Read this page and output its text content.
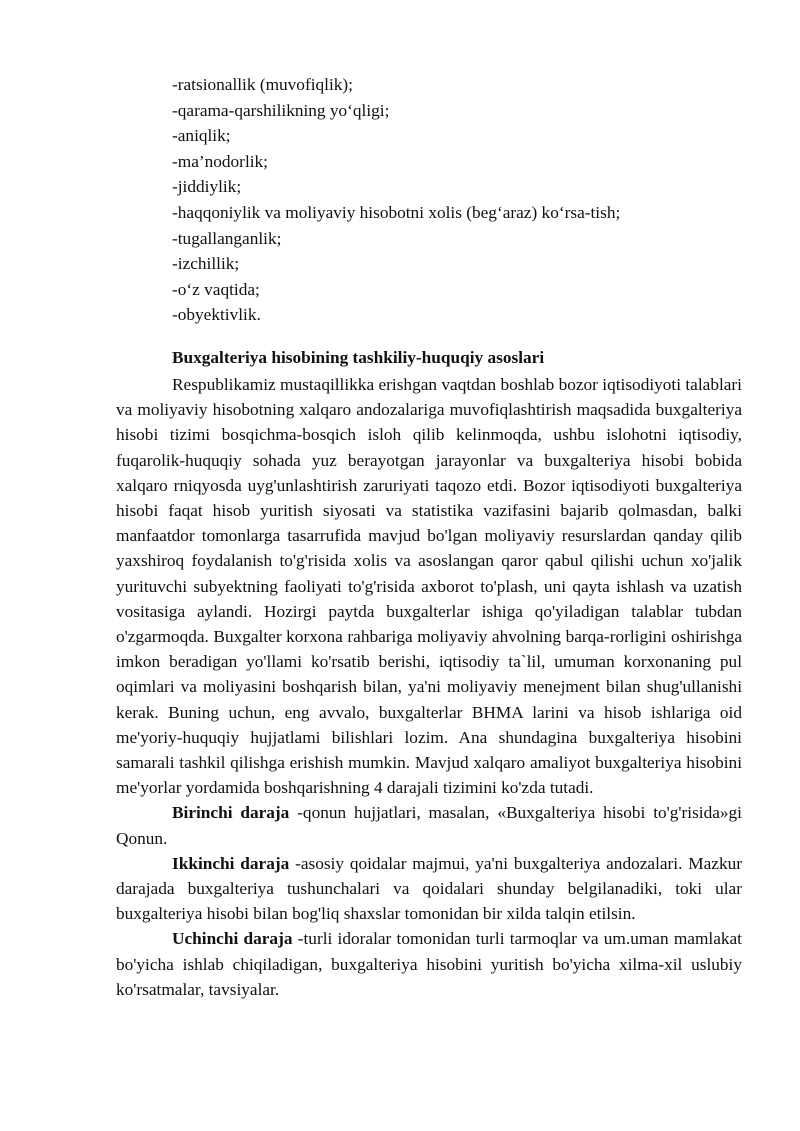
-ratsionallik (muvofiqlik);
-qarama-qarshilikning yo‘qligi;
-aniqlik;
-ma’nodorlik;
-jiddiylik;
-haqqoniylik va moliyaviy hisobotni xolis (beg‘araz) ko‘rsa-tish;
-tugallanganlik;
-izchillik;
-o‘z vaqtida;
-obyektivlik.
Buxgalteriya hisobining tashkiliy-huquqiy asoslari

Respublikamiz mustaqillikka erishgan vaqtdan boshlab bozor iqtisodiyoti talablari va moliyaviy hisobotning xalqaro andozalariga muvofiqlashtirish maqsadida buxgalteriya hisobi tizimi bosqichma-bosqich isloh qilib kelinmoqda, ushbu islohotni iqtisodiy, fuqarolik-huquqiy sohada yuz berayotgan jarayonlar va buxgalteriya hisobi bobida xalqaro rniqyosda uyg'unlashtirish zaruriyati taqozo etdi. Bozor iqtisodiyoti buxgalteriya hisobi faqat hisob yuritish siyosati va statistika vazifasini bajarib qolmasdan, balki manfaatdor tomonlarga tasarrufida mavjud bo'lgan moliyaviy resurslardan qanday qilib yaxshiroq foydalanish to'g'risida xolis va asoslangan qaror qabul qilishi uchun xo'jalik yurituvchi subyektning faoliyati to'g'risida axborot to'plash, uni qayta ishlash va uzatish vositasiga aylandi. Hozirgi paytda buxgalterlar ishiga qo'yiladigan talablar tubdan o'zgarmoqda. Buxgalter korxona rahbariga moliyaviy ahvolning barqa-rorligini oshirishga imkon beradigan yo'llami ko'rsatib berishi, iqtisodiy ta`lil, umuman korxonaning pul oqimlari va moliyasini boshqarish bilan, ya'ni moliyaviy menejment bilan shug'ullanishi kerak. Buning uchun, eng avvalo, buxgalterlar BHMA larini va hisob ishlariga oid me'yoriy-huquqiy hujjatlami bilishlari lozim. Ana shundagina buxgalteriya hisobini samarali tashkil qilishga erishish mumkin. Mavjud xalqaro amaliyot buxgalteriya hisobini me'yorlar yordamida boshqarishning 4 darajali tizimini ko'zda tutadi.

Birinchi daraja -qonun hujjatlari, masalan, «Buxgalteriya hisobi to'g'risida»gi Qonun.

Ikkinchi daraja -asosiy qoidalar majmui, ya'ni buxgalteriya andozalari. Mazkur darajada buxgalteriya tushunchalari va qoidalari shunday belgilanadiki, toki ular buxgalteriya hisobi bilan bog'liq shaxslar tomonidan bir xilda talqin etilsin.

Uchinchi daraja -turli idoralar tomonidan turli tarmoqlar va um.uman mamlakat bo'yicha ishlab chiqiladigan, buxgalteriya hisobini yuritish bo'yicha xilma-xil uslubiy ko'rsatmalar, tavsiyalar.
